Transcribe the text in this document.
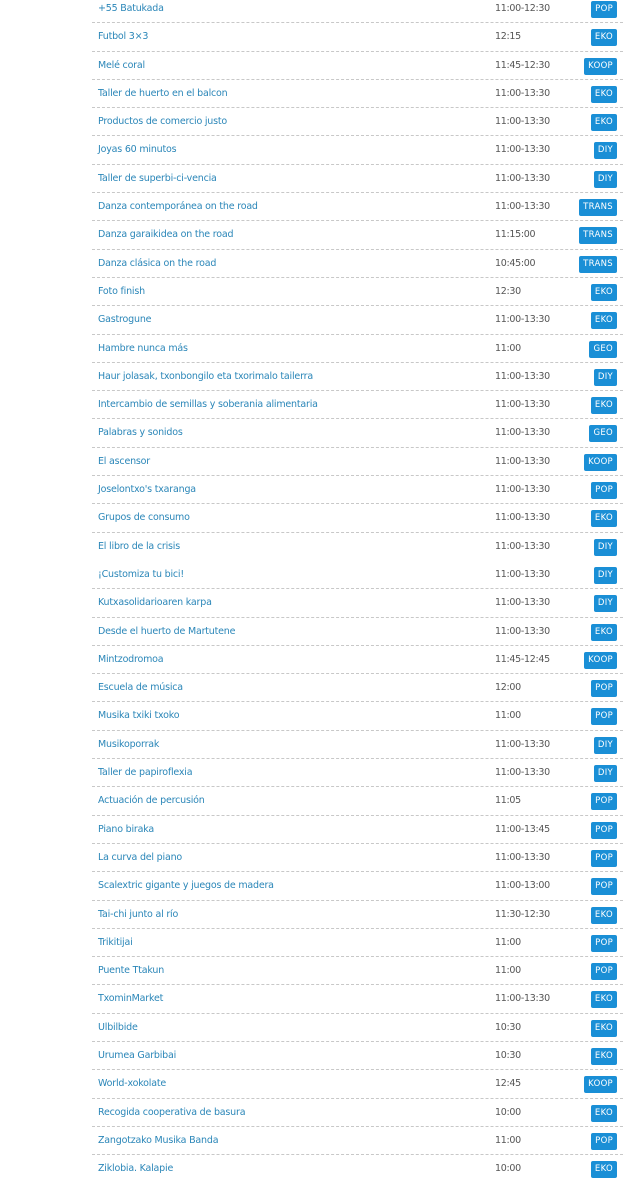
+55 Batukada	11:00-12:30	POP
Futbol 3×3	12:15	EKO
Melé coral	11:45-12:30	KOOP
Taller de huerto en el balcon	11:00-13:30	EKO
Productos de comercio justo	11:00-13:30	EKO
Joyas 60 minutos	11:00-13:30	DIY
Taller de superbi-ci-vencia	11:00-13:30	DIY
Danza contemporánea on the road	11:00-13:30	TRANS
Danza garaikidea on the road	11:15:00	TRANS
Danza clásica on the road	10:45:00	TRANS
Foto finish	12:30	EKO
Gastrogune	11:00-13:30	EKO
Hambre nunca más	11:00	GEO
Haur jolasak, txonbongilo eta txorimalo tailerra	11:00-13:30	DIY
Intercambio de semillas y soberania alimentaria	11:00-13:30	EKO
Palabras y sonidos	11:00-13:30	GEO
El ascensor	11:00-13:30	KOOP
Joselontxo's txaranga	11:00-13:30	POP
Grupos de consumo	11:00-13:30	EKO
El libro de la crisis	11:00-13:30	DIY
¡Customiza tu bici!	11:00-13:30	DIY
Kutxasolidarioaren karpa	11:00-13:30	DIY
Desde el huerto de Martutene	11:00-13:30	EKO
Mintzodromoa	11:45-12:45	KOOP
Escuela de música	12:00	POP
Musika txiki txoko	11:00	POP
Musikoporrak	11:00-13:30	DIY
Taller de papiroflexia	11:00-13:30	DIY
Actuación de percusión	11:05	POP
Piano biraka	11:00-13:45	POP
La curva del piano	11:00-13:30	POP
Scalextric gigante y juegos de madera	11:00-13:00	POP
Tai-chi junto al río	11:30-12:30	EKO
Trikitijai	11:00	POP
Puente Ttakun	11:00	POP
TxominMarket	11:00-13:30	EKO
Ulbilbide	10:30	EKO
Urumea Garbibai	10:30	EKO
World-xokolate	12:45	KOOP
Recogida cooperativa de basura	10:00	EKO
Zangotzako Musika Banda	11:00	POP
Ziklobia. Kalapie	10:00	EKO
